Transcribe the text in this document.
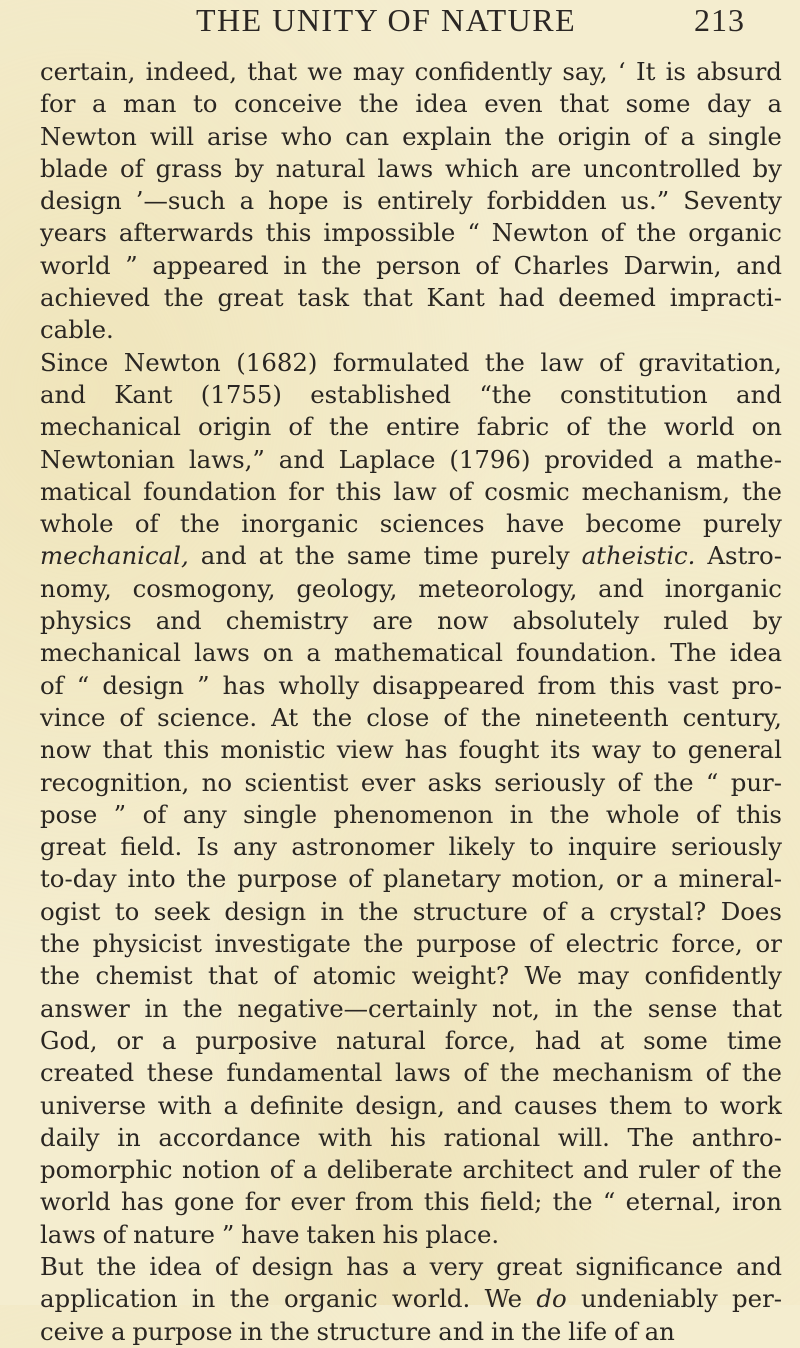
THE UNITY OF NATURE	213
certain, indeed, that we may confidently say, ‘ It is absurd
for a man to conceive the idea even that some day a
Newton will arise who can explain the origin of a single
blade of grass by natural laws which are uncontrolled by
design ’—such a hope is entirely forbidden us.” Seventy
years afterwards this impossible “ Newton of the organic
world ” appeared in the person of Charles Darwin, and
achieved the great task that Kant had deemed impracti-
cable.
Since Newton (1682) formulated the law of gravitation,
and Kant (1755) established “the constitution and
mechanical origin of the entire fabric of the world on
Newtonian laws,” and Laplace (1796) provided a mathe-
matical foundation for this law of cosmic mechanism, the
whole of the inorganic sciences have become purely
mechanical, and at the same time purely atheistic. Astro-
nomy, cosmogony, geology, meteorology, and inorganic
physics and chemistry are now absolutely ruled by
mechanical laws on a mathematical foundation. The idea
of “ design ” has wholly disappeared from this vast pro-
vince of science. At the close of the nineteenth century,
now that this monistic view has fought its way to general
recognition, no scientist ever asks seriously of the “ pur-
pose ” of any single phenomenon in the whole of this
great field. Is any astronomer likely to inquire seriously
to-day into the purpose of planetary motion, or a mineral-
ogist to seek design in the structure of a crystal? Does
the physicist investigate the purpose of electric force, or
the chemist that of atomic weight? We may confidently
answer in the negative—certainly not, in the sense that
God, or a purposive natural force, had at some time
created these fundamental laws of the mechanism of the
universe with a definite design, and causes them to work
daily in accordance with his rational will. The anthro-
pomorphic notion of a deliberate architect and ruler of the
world has gone for ever from this field; the “ eternal, iron
laws of nature ” have taken his place.
But the idea of design has a very great significance and
application in the organic world. We do undeniably per-
ceive a purpose in the structure and in the life of an
